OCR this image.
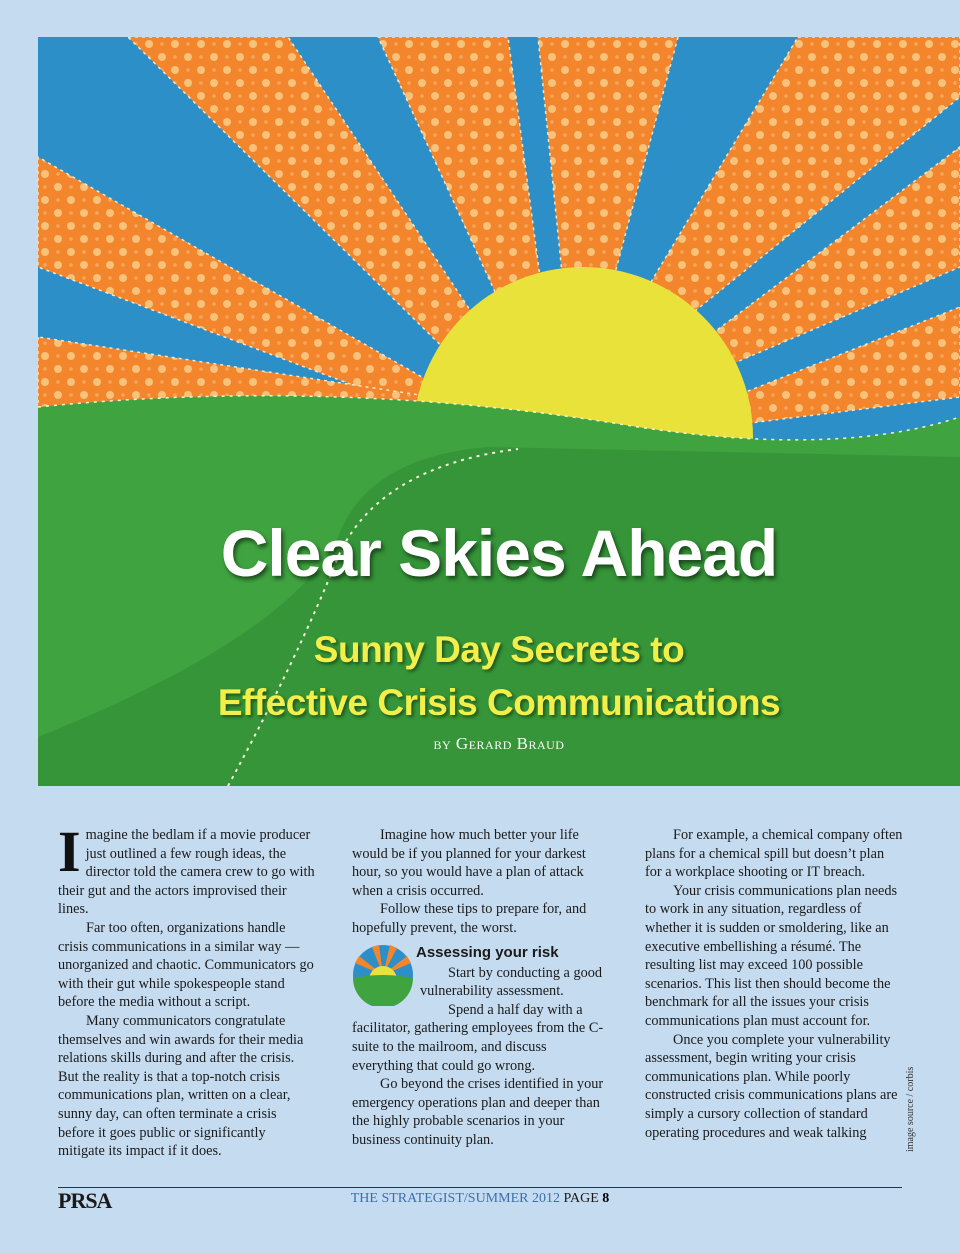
Clear Skies Ahead
Sunny Day Secrets to
Effective Crisis Communications
by Gerard Braud
I magine the bedlam if a movie producer just outlined a few rough ideas, the director told the camera crew to go with their gut and the actors improvised their lines.

Far too often, organizations handle crisis communications in a similar way — unorganized and chaotic. Communicators go with their gut while spokespeople stand before the media without a script.

Many communicators congratulate themselves and win awards for their media relations skills during and after the crisis. But the reality is that a top-notch crisis communications plan, written on a clear, sunny day, can often terminate a crisis before it goes public or significantly mitigate its impact if it does.

Imagine how much better your life would be if you planned for your darkest hour, so you would have a plan of attack when a crisis occurred.

Follow these tips to prepare for, and hopefully prevent, the worst.

Assessing your risk

Start by conducting a good vulnerability assessment.

Spend a half day with a facilitator, gathering employees from the C-suite to the mailroom, and discuss everything that could go wrong.

Go beyond the crises identified in your emergency operations plan and deeper than the highly probable scenarios in your business continuity plan.

For example, a chemical company often plans for a chemical spill but doesn’t plan for a workplace shooting or IT breach.

Your crisis communications plan needs to work in any situation, regardless of whether it is sudden or smoldering, like an executive embellishing a résumé. The resulting list may exceed 100 possible scenarios. This list then should become the benchmark for all the issues your crisis communications plan must account for.

Once you complete your vulnerability assessment, begin writing your crisis communications plan. While poorly constructed crisis communications plans are simply a cursory collection of standard operating procedures and weak talking	image source / corbis
PRSA	THE STRATEGIST/SUMMER 2012 PAGE 8
